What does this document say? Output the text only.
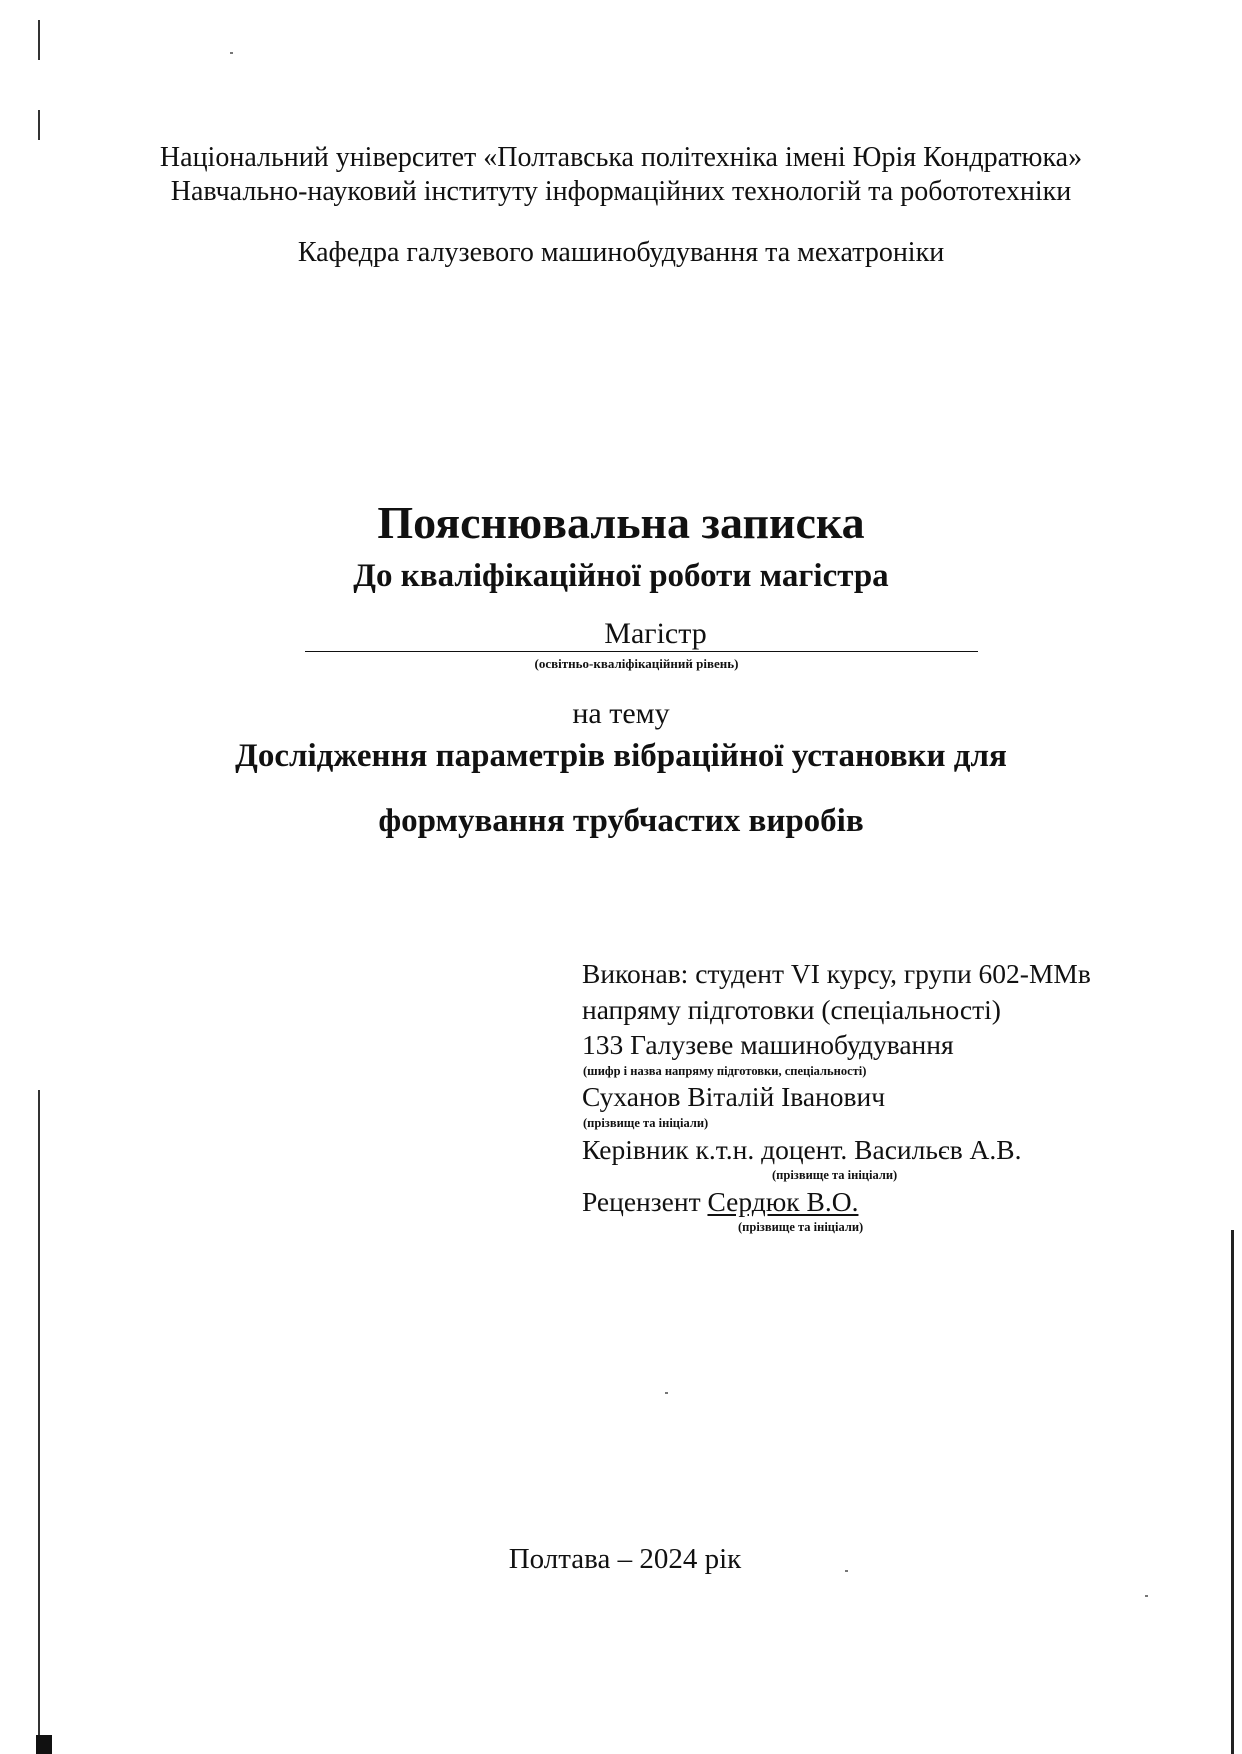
Національний університет «Полтавська політехніка імені Юрія Кондратюка»
Навчально-науковий інституту інформаційних технологій та робототехніки
Кафедра галузевого машинобудування та мехатроніки
Пояснювальна записка
До кваліфікаційної роботи магістра
Магістр
(освітньо-кваліфікаційний рівень)
на тему
Дослідження параметрів вібраційної установки для
формування трубчастих виробів
Виконав: студент VI курсу, групи 602-ММв
напряму підготовки (спеціальності)
133 Галузеве машинобудування
(шифр і назва напряму підготовки, спеціальності)
Суханов Віталій Іванович
(прізвище та ініціали)
Керівник к.т.н. доцент. Васильєв А.В.
(прізвище та ініціали)
Рецензент Сердюк В.О.
(прізвище та ініціали)
Полтава – 2024 рік
